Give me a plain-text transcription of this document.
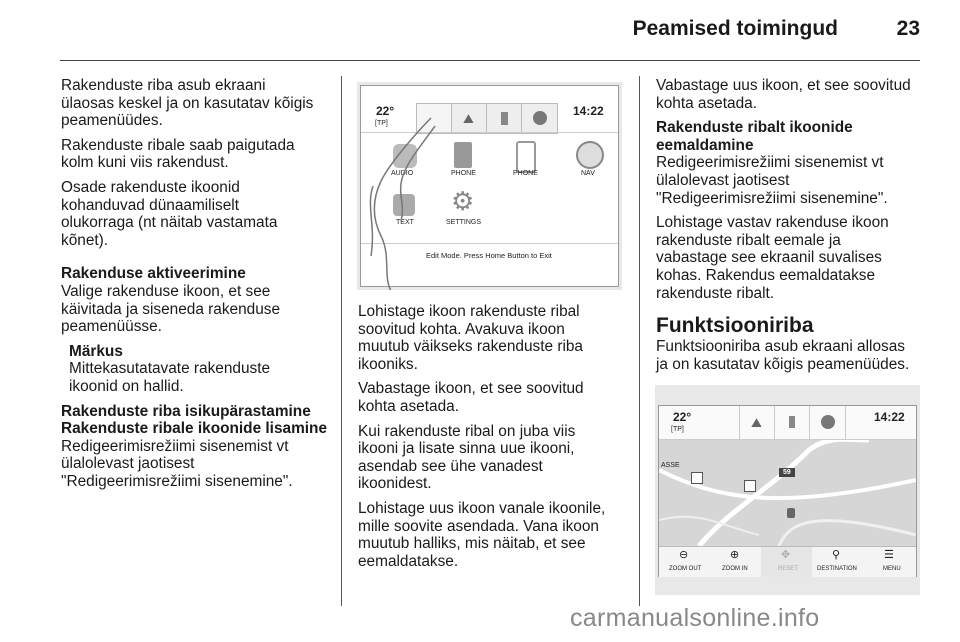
Peamised toimingud	23

Rakenduste riba asub ekraani
ülaosas keskel ja on kasutatav kõigis
peamenüüdes.

Rakenduste ribale saab paigutada
kolm kuni viis rakendust.

Osade rakenduste ikoonid
kohanduvad dünaamiliselt
olukorraga (nt näitab vastamata
kõnet).

Rakenduse aktiveerimine

Valige rakenduse ikoon, et see
käivitada ja siseneda rakenduse
peamenüüsse.

Märkus
Mittekasutatavate rakenduste
ikoonid on hallid.
Rakenduste riba isikupärastamine
Rakenduste ribale ikoonide lisamine

Redigeerimisrežiimi sisenemist vt
ülalolevast jaotisest
"Redigeerimisrežiimi sisenemine".

22°
[TP]
14:22
⛰
AUDIO	PHONE	PHONE	NAV
TEXT
⚙
SETTINGS
Edit Mode. Press Home Button to Exit

Lohistage ikoon rakenduste ribal
soovitud kohta. Avakuva ikoon
muutub väikseks rakenduste riba
ikooniks.

Vabastage ikoon, et see soovitud
kohta asetada.

Kui rakenduste ribal on juba viis
ikooni ja lisate sinna uue ikooni,
asendab see ühe vanadest
ikoonidest.

Lohistage uus ikoon vanale ikoonile,
mille soovite asendada. Vana ikoon
muutub halliks, mis näitab, et see
eemaldatakse.

Vabastage uus ikoon, et see soovitud
kohta asetada.

Rakenduste ribalt ikoonide
eemaldamine

Redigeerimisrežiimi sisenemist vt
ülalolevast jaotisest
"Redigeerimisrežiimi sisenemine".

Lohistage vastav rakenduse ikoon
rakenduste ribalt eemale ja
vabastage see ekraanil suvalises
kohas. Rakendus eemaldatakse
rakenduste ribalt.

Funktsiooniriba

Funktsiooniriba asub ekraani allosas
ja on kasutatav kõigis peamenüüdes.

22°
[TP]
14:22
⛰
ASSE
59
⊖
ZOOM OUT
⊕
ZOOM IN
✥
RESET
⚲
DESTINATION
☰
MENU
carmanualsonline.info
